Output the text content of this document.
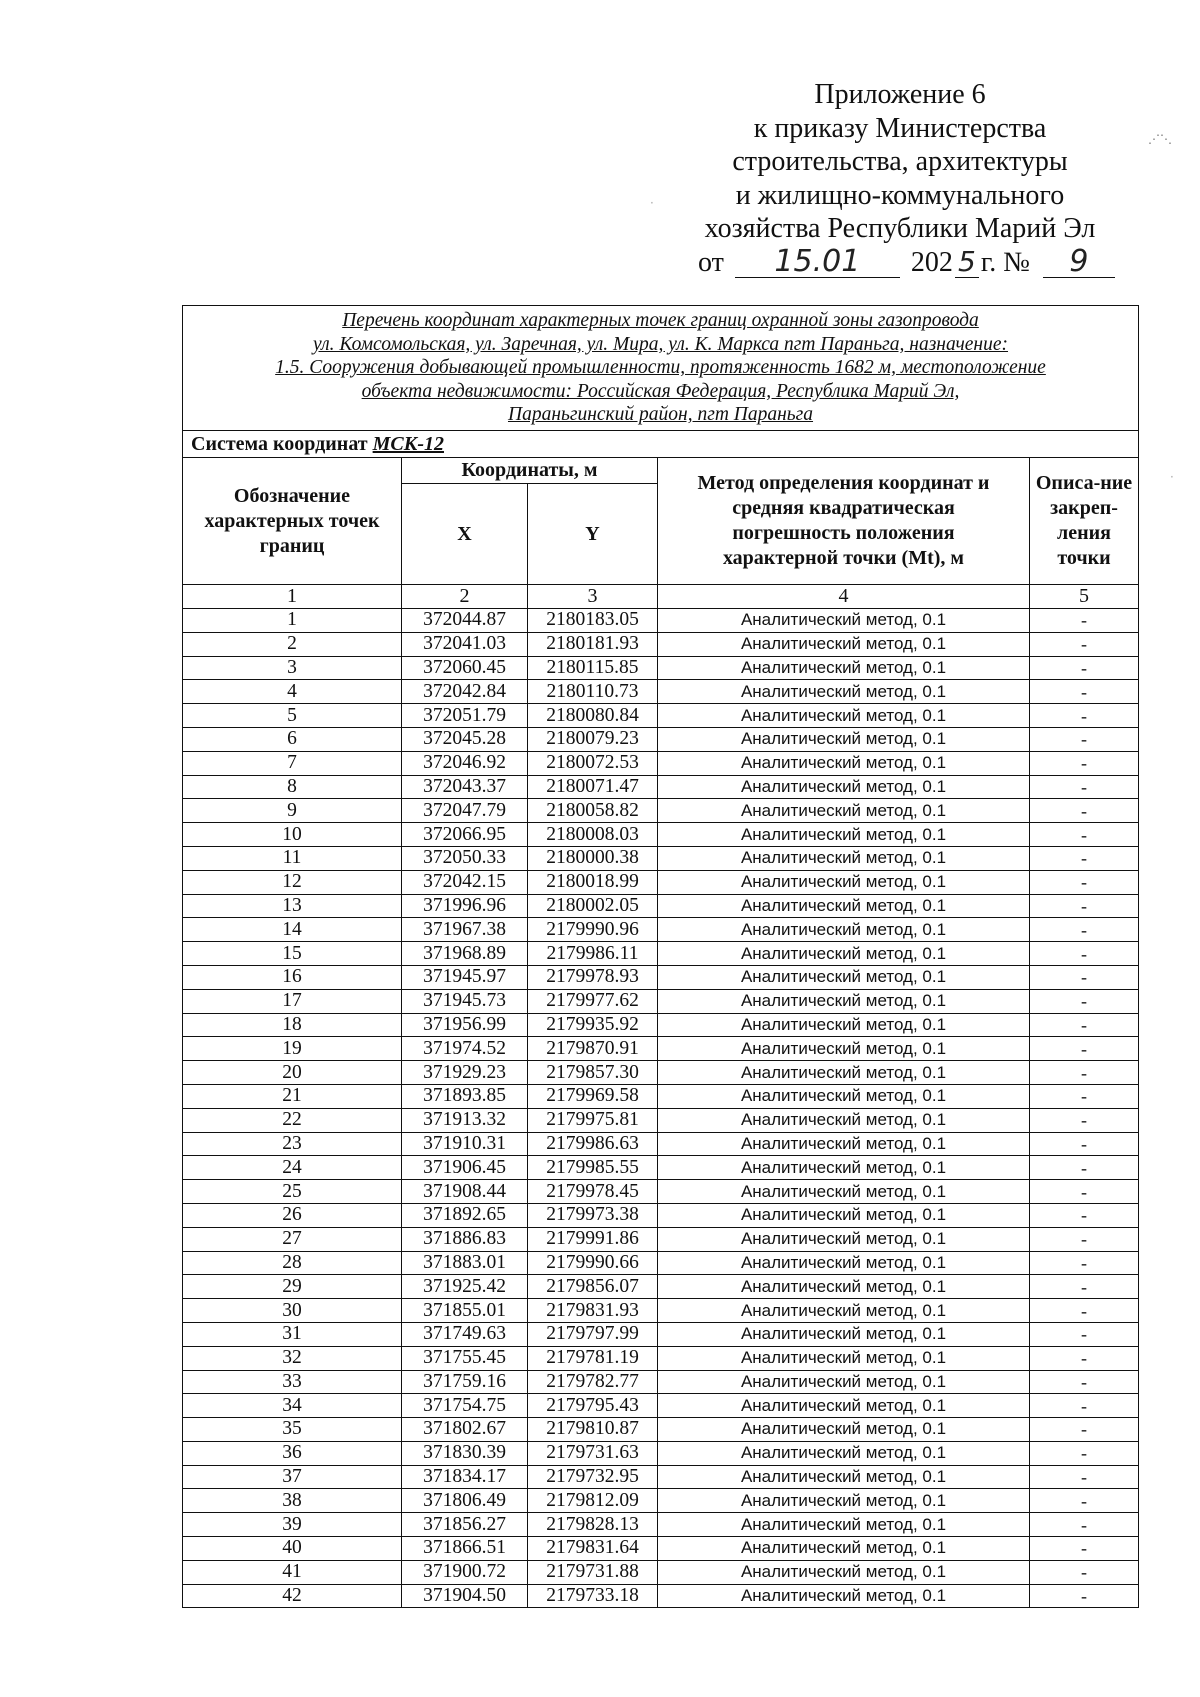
Приложение 6
к приказу Министерства
строительства, архитектуры
и жилищно-коммунального
хозяйства Республики Марий Эл
от 15.01 202 5 г. № 9
⋰⋱
·
·
Перечень координат характерных точек границ охранной зоны газопровода
ул. Комсомольская, ул. Заречная, ул. Мира, ул. К. Маркса пгт Параньга, назначение:
1.5. Сооружения добывающей промышленности, протяженность 1682 м, местоположение
объекта недвижимости: Российская Федерация, Республика Марий Эл,
Параньгинский район, пгт Параньга				

Система координат МСК-12				
Обозначение характерных точек границ	Координаты, м		Метод определения координат и средняя квадратическая погрешность положения характерной точки (Mt), м	Описа-ние закреп-ления точки
	X	Y		
1	2	3	4	5
1	372044.87	2180183.05	Аналитический метод, 0.1	-
2	372041.03	2180181.93	Аналитический метод, 0.1	-
3	372060.45	2180115.85	Аналитический метод, 0.1	-
4	372042.84	2180110.73	Аналитический метод, 0.1	-
5	372051.79	2180080.84	Аналитический метод, 0.1	-
6	372045.28	2180079.23	Аналитический метод, 0.1	-
7	372046.92	2180072.53	Аналитический метод, 0.1	-
8	372043.37	2180071.47	Аналитический метод, 0.1	-
9	372047.79	2180058.82	Аналитический метод, 0.1	-
10	372066.95	2180008.03	Аналитический метод, 0.1	-
11	372050.33	2180000.38	Аналитический метод, 0.1	-
12	372042.15	2180018.99	Аналитический метод, 0.1	-
13	371996.96	2180002.05	Аналитический метод, 0.1	-
14	371967.38	2179990.96	Аналитический метод, 0.1	-
15	371968.89	2179986.11	Аналитический метод, 0.1	-
16	371945.97	2179978.93	Аналитический метод, 0.1	-
17	371945.73	2179977.62	Аналитический метод, 0.1	-
18	371956.99	2179935.92	Аналитический метод, 0.1	-
19	371974.52	2179870.91	Аналитический метод, 0.1	-
20	371929.23	2179857.30	Аналитический метод, 0.1	-
21	371893.85	2179969.58	Аналитический метод, 0.1	-
22	371913.32	2179975.81	Аналитический метод, 0.1	-
23	371910.31	2179986.63	Аналитический метод, 0.1	-
24	371906.45	2179985.55	Аналитический метод, 0.1	-
25	371908.44	2179978.45	Аналитический метод, 0.1	-
26	371892.65	2179973.38	Аналитический метод, 0.1	-
27	371886.83	2179991.86	Аналитический метод, 0.1	-
28	371883.01	2179990.66	Аналитический метод, 0.1	-
29	371925.42	2179856.07	Аналитический метод, 0.1	-
30	371855.01	2179831.93	Аналитический метод, 0.1	-
31	371749.63	2179797.99	Аналитический метод, 0.1	-
32	371755.45	2179781.19	Аналитический метод, 0.1	-
33	371759.16	2179782.77	Аналитический метод, 0.1	-
34	371754.75	2179795.43	Аналитический метод, 0.1	-
35	371802.67	2179810.87	Аналитический метод, 0.1	-
36	371830.39	2179731.63	Аналитический метод, 0.1	-
37	371834.17	2179732.95	Аналитический метод, 0.1	-
38	371806.49	2179812.09	Аналитический метод, 0.1	-
39	371856.27	2179828.13	Аналитический метод, 0.1	-
40	371866.51	2179831.64	Аналитический метод, 0.1	-
41	371900.72	2179731.88	Аналитический метод, 0.1	-
42	371904.50	2179733.18	Аналитический метод, 0.1	-
